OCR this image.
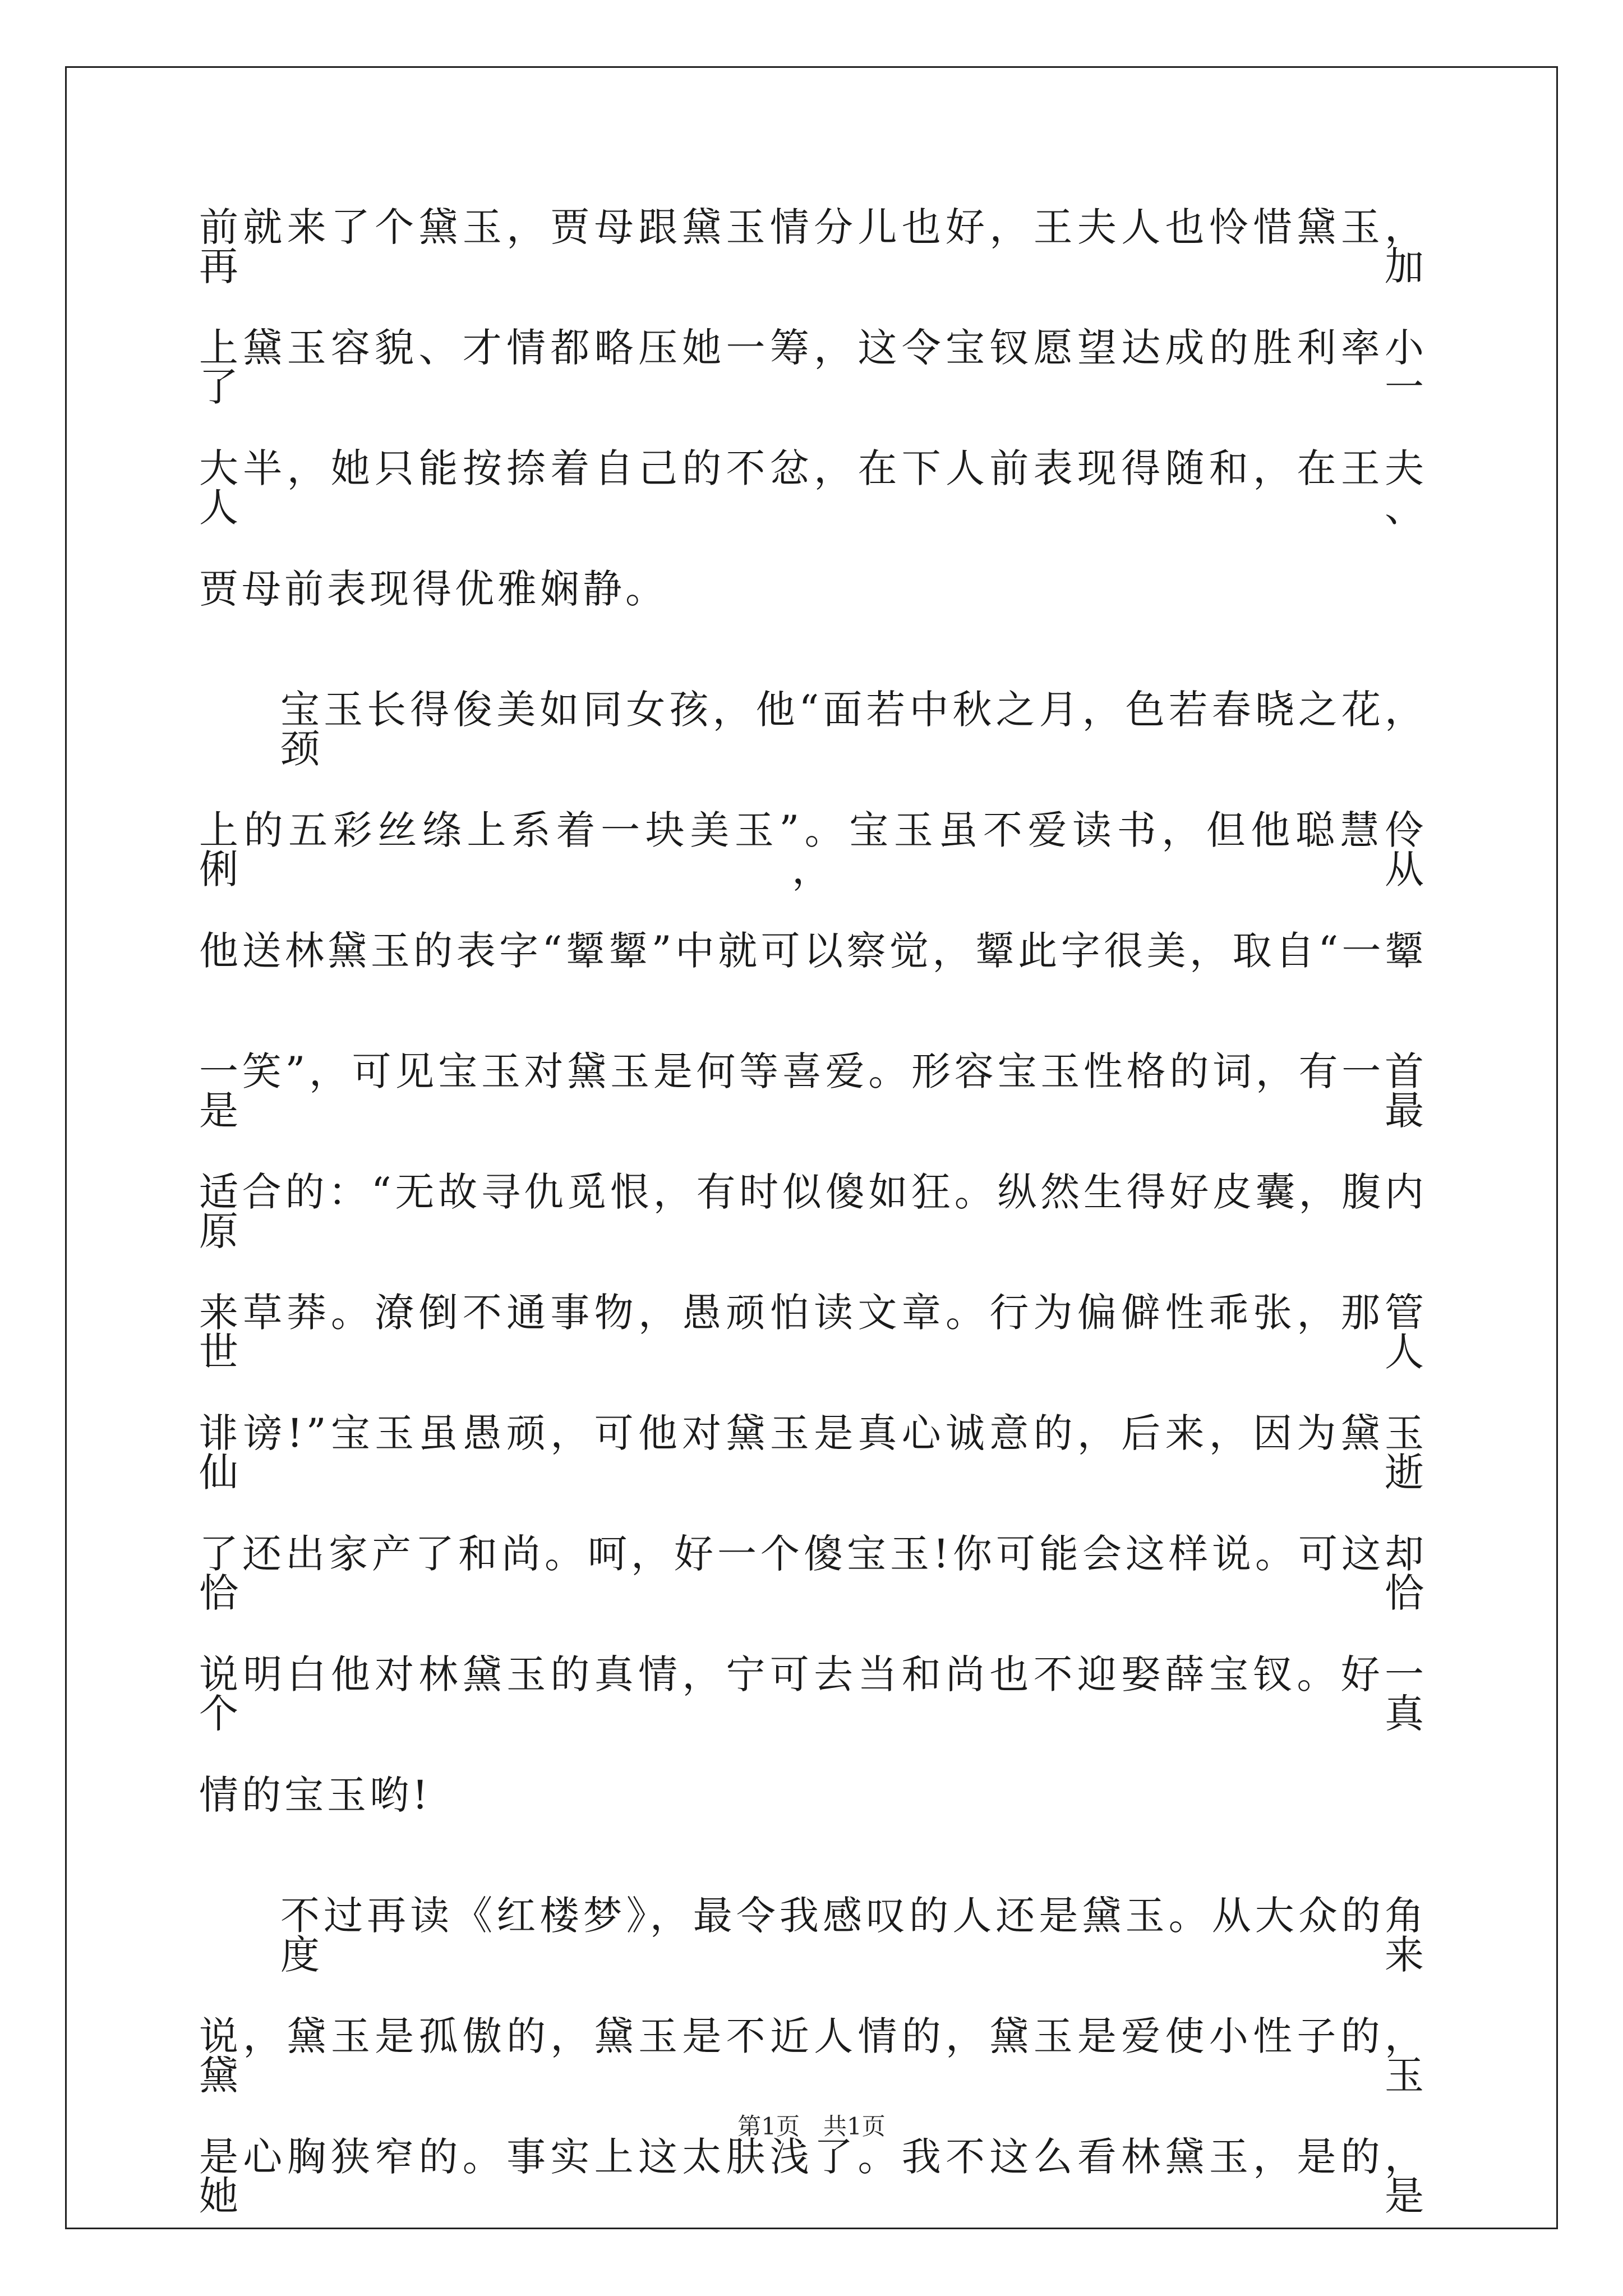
前就来了个黛玉，贾母跟黛玉情分儿也好，王夫人也怜惜黛玉，再加
上黛玉容貌、才情都略压她一筹，这令宝钗愿望达成的胜利率小了一
大半，她只能按捺着自己的不忿，在下人前表现得随和，在王夫人、
贾母前表现得优雅娴静。
宝玉长得俊美如同女孩，他“面若中秋之月，色若春晓之花，颈
上的五彩丝绦上系着一块美玉”。宝玉虽不爱读书，但他聪慧伶俐，从
他送林黛玉的表字“颦颦”中就可以察觉，颦此字很美，取自“一颦
一笑”，可见宝玉对黛玉是何等喜爱。形容宝玉性格的词，有一首是最
适合的：“无故寻仇觅恨，有时似傻如狂。纵然生得好皮囊，腹内原
来草莽。潦倒不通事物，愚顽怕读文章。行为偏僻性乖张，那管世人
诽谤!”宝玉虽愚顽，可他对黛玉是真心诚意的，后来，因为黛玉仙逝
了还出家产了和尚。呵，好一个傻宝玉!你可能会这样说。可这却恰恰
说明白他对林黛玉的真情，宁可去当和尚也不迎娶薛宝钗。好一个真
情的宝玉哟!
不过再读《红楼梦》，最令我感叹的人还是黛玉。从大众的角度来
说，黛玉是孤傲的，黛玉是不近人情的，黛玉是爱使小性子的，黛玉
是心胸狭窄的。事实上这太肤浅了。我不这么看林黛玉，是的，她是
第1页　共1页
